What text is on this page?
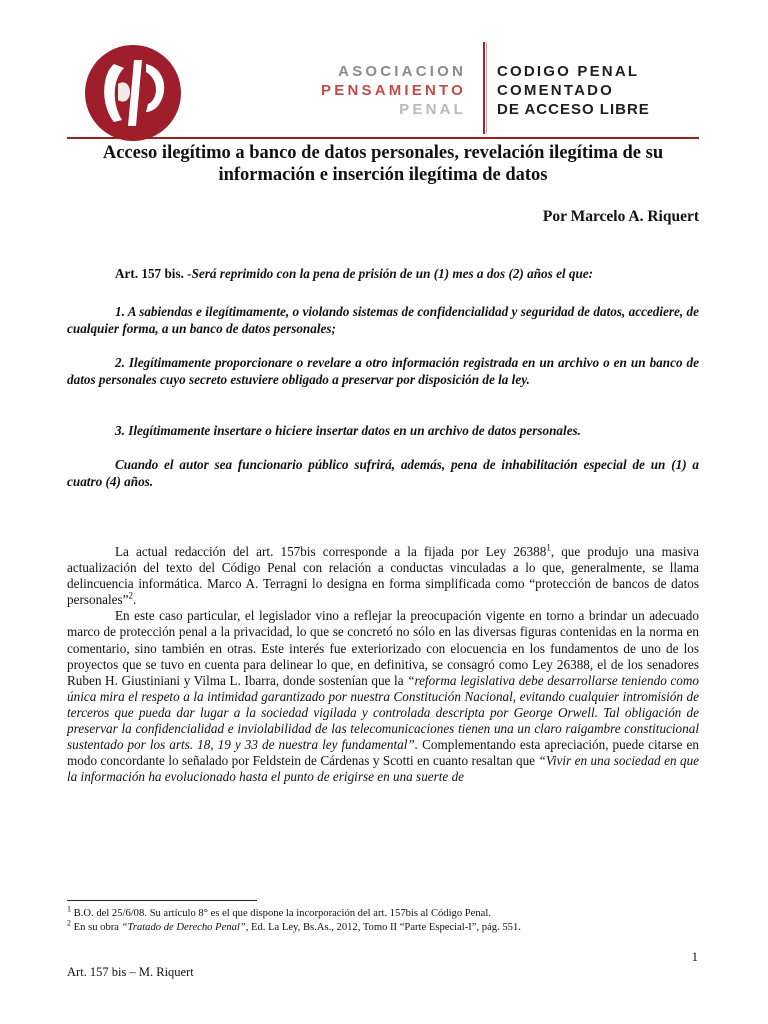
ASOCIACION
PENSAMIENTO
PENAL
CODIGO PENAL
COMENTADO
DE ACCESO LIBRE
Acceso ilegítimo a banco de datos personales, revelación ilegítima de su información e inserción ilegítima de datos
Por Marcelo A. Riquert
Art. 157 bis. -Será reprimido con la pena de prisión de un (1) mes a dos (2) años el que:
1. A sabiendas e ilegítimamente, o violando sistemas de confidencialidad y seguridad de datos, accediere, de cualquier forma, a un banco de datos personales;
2. Ilegítimamente proporcionare o revelare a otro información registrada en un archivo o en un banco de datos personales cuyo secreto estuviere obligado a preservar por disposición de la ley.
3. Ilegítimamente insertare o hiciere insertar datos en un archivo de datos personales.
Cuando el autor sea funcionario público sufrirá, además, pena de inhabilitación especial de un (1) a cuatro (4) años.

La actual redacción del art. 157bis corresponde a la fijada por Ley 26388$^1$, que produjo una masiva actualización del texto del Código Penal con relación a conductas vinculadas a lo que, generalmente, se llama delincuencia informática. Marco A. Terragni lo designa en forma simplificada como “protección de bancos de datos personales”$^2$.

En este caso particular, el legislador vino a reflejar la preocupación vigente en torno a brindar un adecuado marco de protección penal a la privacidad, lo que se concretó no sólo en las diversas figuras contenidas en la norma en comentario, sino también en otras. Este interés fue exteriorizado con elocuencia en los fundamentos de uno de los proyectos que se tuvo en cuenta para delinear lo que, en definitiva, se consagró como Ley 26388, el de los senadores Ruben H. Giustiniani y Vilma L. Ibarra, donde sostenían que la “reforma legislativa debe desarrollarse teniendo como única mira el respeto a la intimidad garantizado por nuestra Constitución Nacional, evitando cualquier intromisión de terceros que pueda dar lugar a la sociedad vigilada y controlada descripta por George Orwell. Tal obligación de preservar la confidencialidad e inviolabilidad de las telecomunicaciones tienen una un claro raigambre constitucional sustentado por los arts. 18, 19 y 33 de nuestra ley fundamental”. Complementando esta apreciación, puede citarse en modo concordante lo señalado por Feldstein de Cárdenas y Scotti en cuanto resaltan que “Vivir en una sociedad en que la información ha evolucionado hasta el punto de erigirse en una suerte de

$^1$ B.O. del 25/6/08. Su artículo 8° es el que dispone la incorporación del art. 157bis al Código Penal.
$^2$ En su obra “Tratado de Derecho Penal”, Ed. La Ley, Bs.As., 2012, Tomo II “Parte Especial-I”, pág. 551.
1
Art. 157 bis – M. Riquert
